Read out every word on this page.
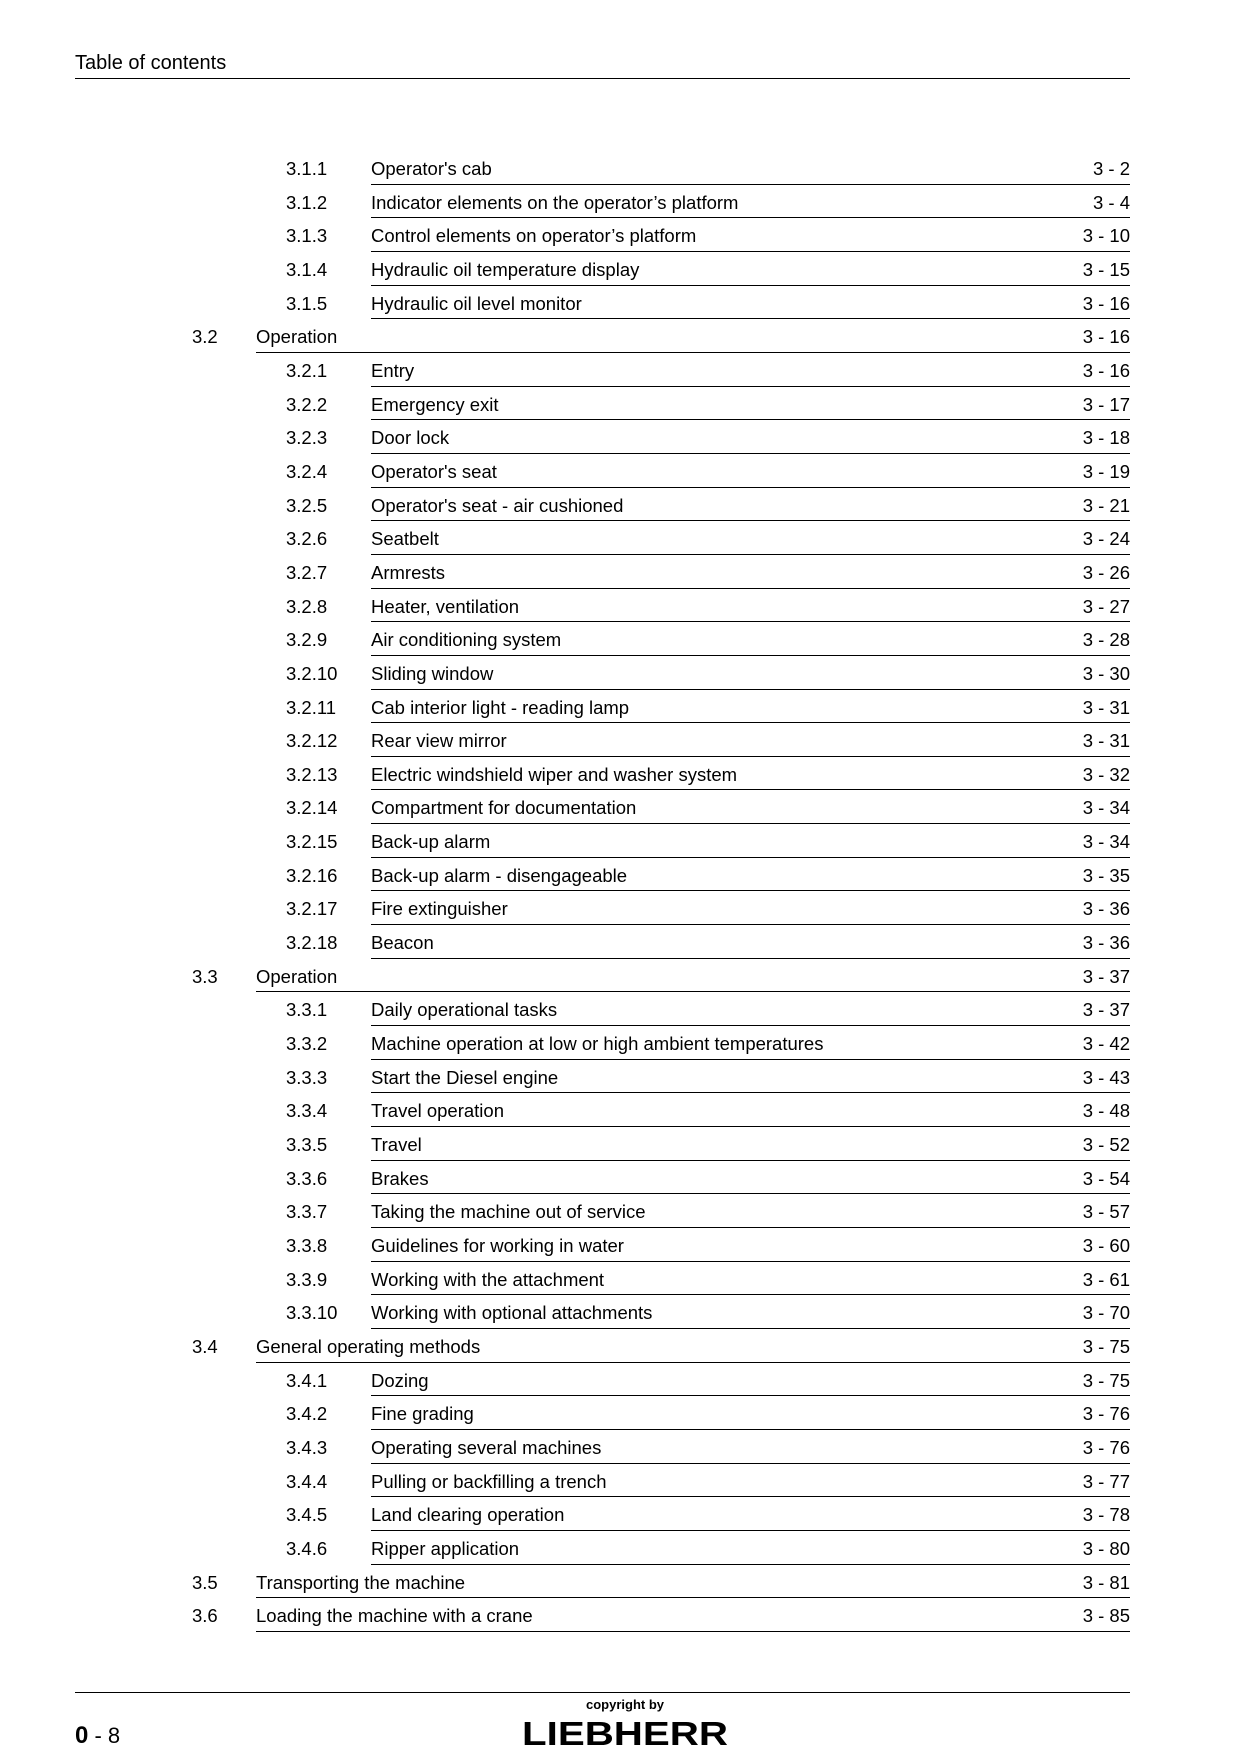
Table of contents
3.1.1 Operator's cab	3 - 2
3.1.2 Indicator elements on the operator’s platform	3 - 4
3.1.3 Control elements on operator’s platform	3 - 10
3.1.4 Hydraulic oil temperature display	3 - 15
3.1.5 Hydraulic oil level monitor	3 - 16
3.2 Operation	3 - 16
3.2.1 Entry	3 - 16
3.2.2 Emergency exit	3 - 17
3.2.3 Door lock	3 - 18
3.2.4 Operator's seat	3 - 19
3.2.5 Operator's seat - air cushioned	3 - 21
3.2.6 Seatbelt	3 - 24
3.2.7 Armrests	3 - 26
3.2.8 Heater, ventilation	3 - 27
3.2.9 Air conditioning system	3 - 28
3.2.10 Sliding window	3 - 30
3.2.11 Cab interior light - reading lamp	3 - 31
3.2.12 Rear view mirror	3 - 31
3.2.13 Electric windshield wiper and washer system	3 - 32
3.2.14 Compartment for documentation	3 - 34
3.2.15 Back-up alarm	3 - 34
3.2.16 Back-up alarm - disengageable	3 - 35
3.2.17 Fire extinguisher	3 - 36
3.2.18 Beacon	3 - 36
3.3 Operation	3 - 37
3.3.1 Daily operational tasks	3 - 37
3.3.2 Machine operation at low or high ambient temperatures	3 - 42
3.3.3 Start the Diesel engine	3 - 43
3.3.4 Travel operation	3 - 48
3.3.5 Travel	3 - 52
3.3.6 Brakes	3 - 54
3.3.7 Taking the machine out of service	3 - 57
3.3.8 Guidelines for working in water	3 - 60
3.3.9 Working with the attachment	3 - 61
3.3.10 Working with optional attachments	3 - 70
3.4 General operating methods	3 - 75
3.4.1 Dozing	3 - 75
3.4.2 Fine grading	3 - 76
3.4.3 Operating several machines	3 - 76
3.4.4 Pulling or backfilling a trench	3 - 77
3.4.5 Land clearing operation	3 - 78
3.4.6 Ripper application	3 - 80
3.5 Transporting the machine	3 - 81
3.6 Loading the machine with a crane	3 - 85
0 - 8
copyright by
LIEBHERR
